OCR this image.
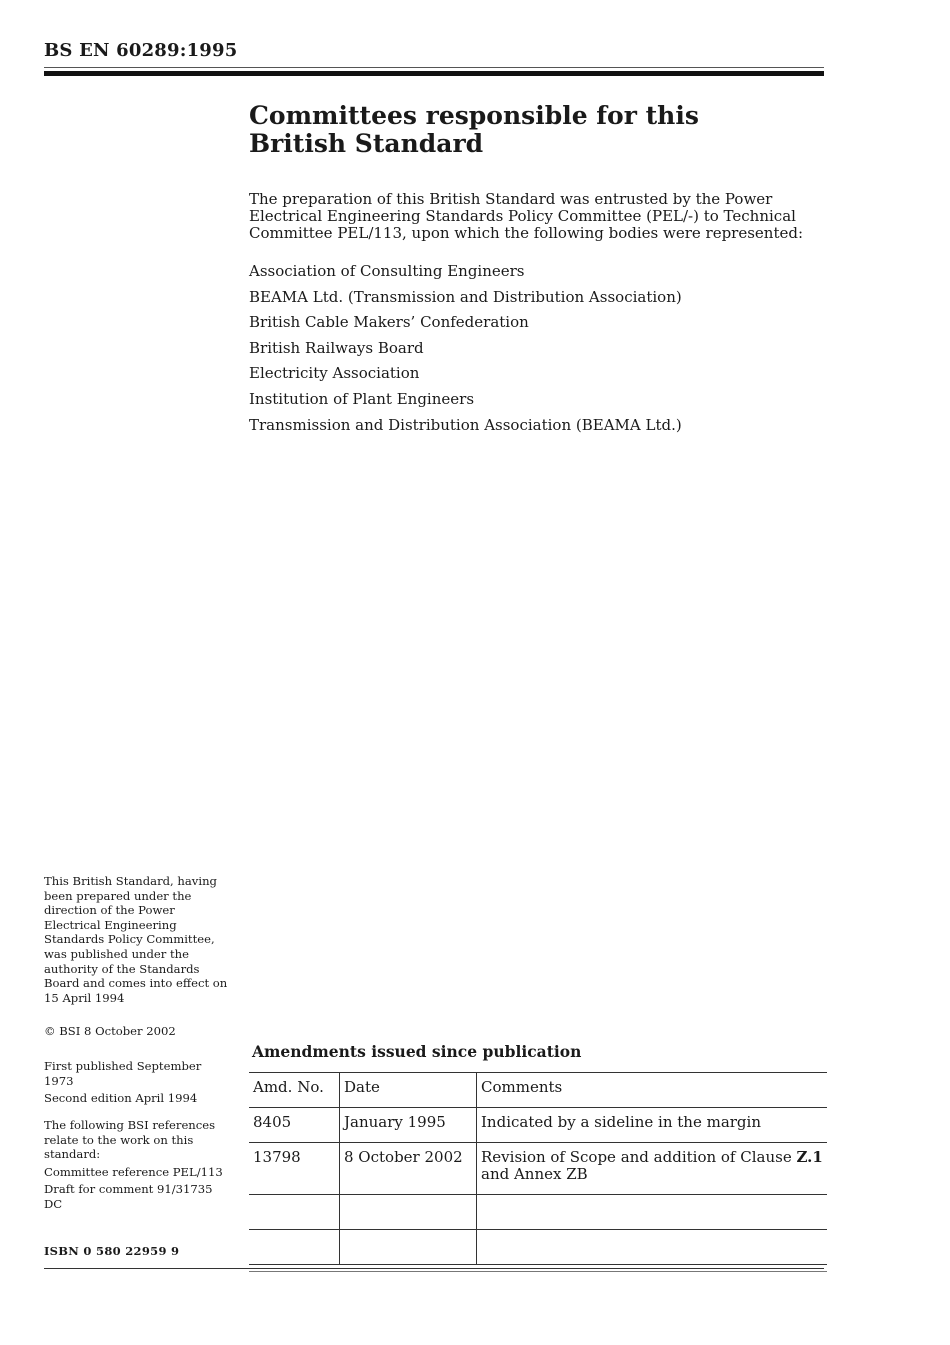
BS EN 60289:1995
Committees responsible for this
British Standard
The preparation of this British Standard was entrusted by the Power Electrical Engineering Standards Policy Committee (PEL/-) to Technical Committee PEL/113, upon which the following bodies were represented:
Association of Consulting Engineers
BEAMA Ltd. (Transmission and Distribution Association)
British Cable Makers’ Confederation
British Railways Board
Electricity Association
Institution of Plant Engineers
Transmission and Distribution Association (BEAMA Ltd.)
This British Standard, having been prepared under the direction of the Power Electrical Engineering Standards Policy Committee, was published under the authority of the Standards Board and comes into effect on 15 April 1994
© BSI 8 October 2002
First published September 1973
Second edition April 1994
The following BSI references relate to the work on this standard:
Committee reference PEL/113
Draft for comment 91/31735 DC
ISBN 0 580 22959 9
Amendments issued since publication
Amd. No.	Date	Comments
8405	January 1995	Indicated by a sideline in the margin
13798	8 October 2002	Revision of Scope and addition of Clause Z.1 and Annex ZB
